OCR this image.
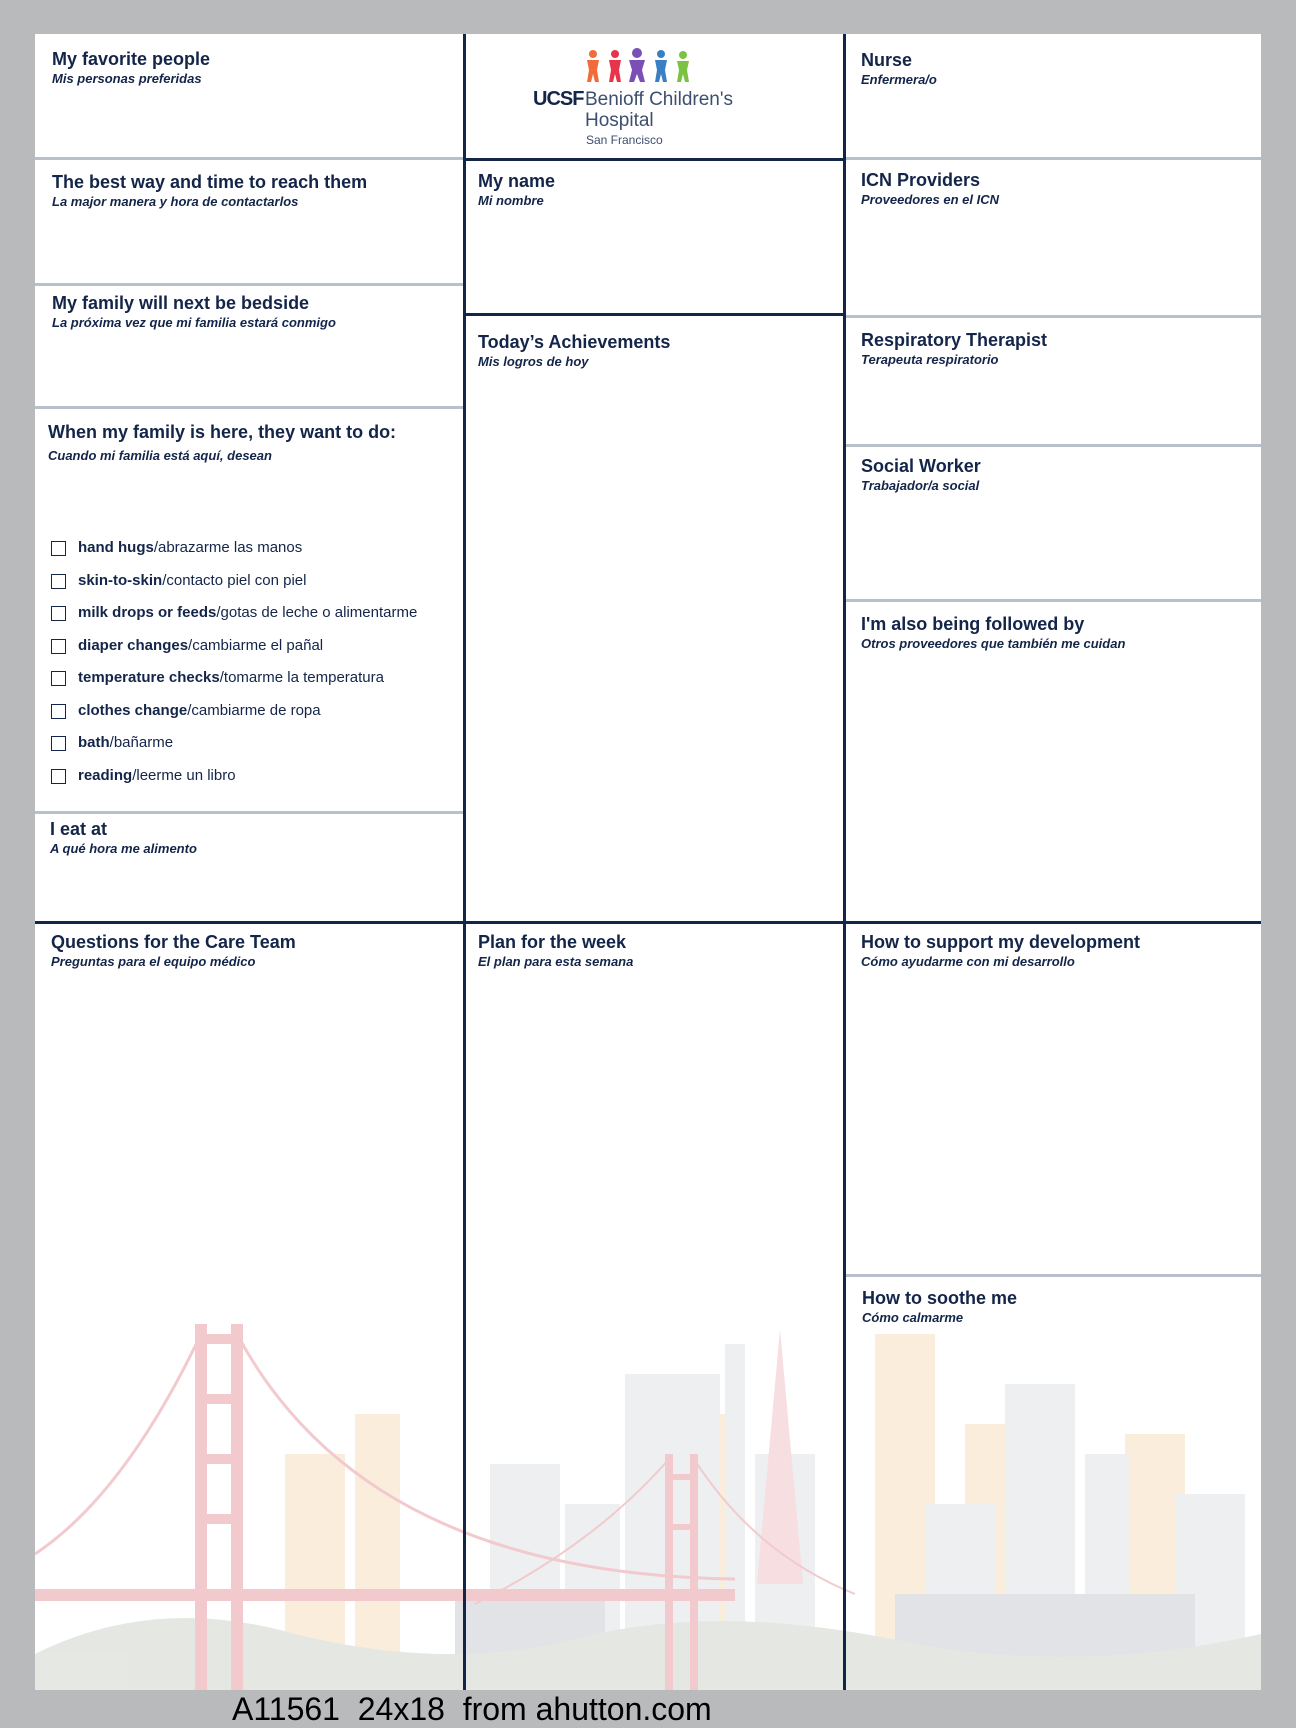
My favorite people
Mis personas preferidas
The best way and time to reach them
La major manera y hora de contactarlos
My family will next be bedside
La próxima vez que mi familia estará conmigo
When my family is here, they want to do:
Cuando mi familia está aquí, desean
hand hugs / abrazarme las manos
skin-to-skin / contacto piel con piel
milk drops or feeds / gotas de leche o alimentarme
diaper changes / cambiarme el pañal
temperature checks / tomarme la temperatura
clothes change / cambiarme de ropa
bath / bañarme
reading / leerme un libro
I eat at
A qué hora me alimento
Questions for the Care Team
Preguntas para el equipo médico
UCSF Benioff Children's
Hospital
San Francisco
My name
Mi nombre
Today’s Achievements
Mis logros de hoy
Plan for the week
El plan para esta semana
Nurse
Enfermera/o
ICN Providers
Proveedores en el ICN
Respiratory Therapist
Terapeuta respiratorio
Social Worker
Trabajador/a social
I'm also being followed by
Otros proveedores que también me cuidan
How to support my development
Cómo ayudarme con mi desarrollo
How to soothe me
Cómo calmarme
A11561  24x18  from ahutton.com
